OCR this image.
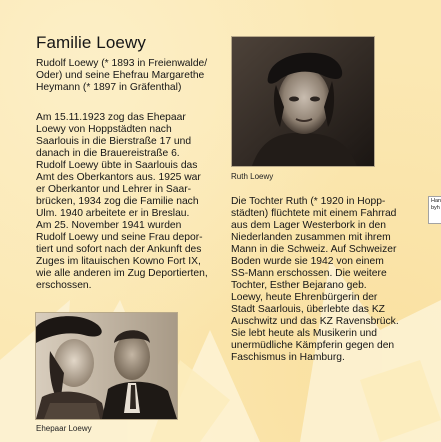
Familie Loewy

Rudolf Loewy (* 1893 in Freienwalde/
Oder) und seine Ehefrau Margarethe
Heymann (* 1897 in Gräfenthal)

Am 15.11.1923 zog das Ehepaar
Loewy von Hoppstädten nach
Saarlouis in die Bierstraße 17 und
danach in die Brauereistraße 6.
Rudolf Loewy übte in Saarlouis das
Amt des Oberkantors aus. 1925 war
er Oberkantor und Lehrer in Saar-
brücken, 1934 zog die Familie nach
Ulm. 1940 arbeitete er in Breslau.
Am 25. November 1941 wurden
Rudolf Loewy und seine Frau depor-
tiert und sofort nach der Ankunft des
Zuges im litauischen Kowno Fort IX,
wie alle anderen im Zug Deportierten,
erschossen.

Ruth Loewy

Han
byh

Die Tochter Ruth (* 1920 in Hopp-
städten) flüchtete mit einem Fahrrad
aus dem Lager Westerbork in den
Niederlanden zusammen mit ihrem
Mann in die Schweiz. Auf Schweizer
Boden wurde sie 1942 von einem
SS-Mann erschossen. Die weitere
Tochter, Esther Bejarano geb.
Loewy, heute Ehrenbürgerin der
Stadt Saarlouis, überlebte das KZ
Auschwitz und das KZ Ravensbrück.
Sie lebt heute als Musikerin und
unermüdliche Kämpferin gegen den
Faschismus in Hamburg.

Ehepaar Loewy
